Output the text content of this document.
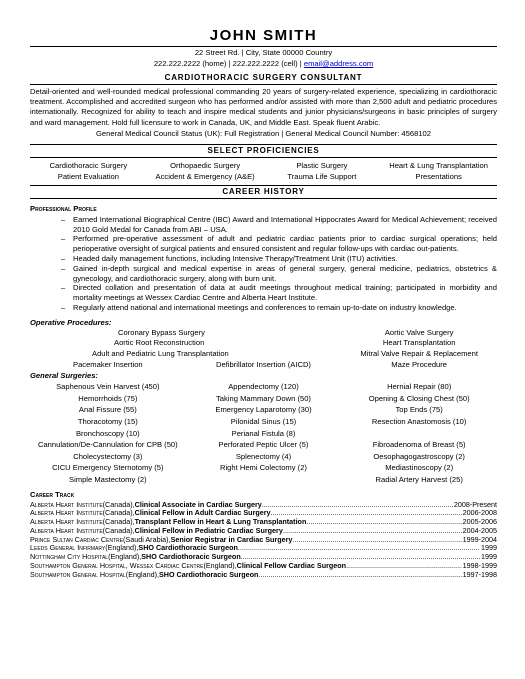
JOHN SMITH
22 Street Rd. | City, State 00000 Country
222.222.2222 (home) | 222.222.2222 (cell) | email@address.com
CARDIOTHORACIC SURGERY CONSULTANT
Detail-oriented and well-rounded medical professional commanding 20 years of surgery-related experience, specializing in cardiothoracic treatment. Accomplished and accredited surgeon who has performed and/or assisted with more than 2,500 adult and pediatric procedures internationally. Recognized for ability to teach and inspire medical students and junior physicians/surgeons in basic principles of surgery and ward management. Hold full licensure to work in Canada, UK, and Middle East. Speak fluent Arabic.
General Medical Council Status (UK): Full Registration | General Medical Council Number: 4568102
SELECT PROFICIENCIES
Cardiothoracic Surgery	Orthopaedic Surgery	Plastic Surgery	Heart & Lung Transplantation
Patient Evaluation	Accident & Emergency (A&E)	Trauma Life Support	Presentations
CAREER HISTORY
Professional Profile
– Earned International Biographical Centre (IBC) Award and International Hippocrates Award for Medical Achievement; received 2010 Gold Medal for Canada from ABI – USA.
– Performed pre-operative assessment of adult and pediatric cardiac patients prior to cardiac surgical operations; held perioperative oversight of surgical patients and ensured consistent and regular follow-ups with cardiac out-patients.
– Headed daily management functions, including Intensive Therapy/Treatment Unit (ITU) activities.
– Gained in-depth surgical and medical expertise in areas of general surgery, general medicine, pediatrics, obstetrics & gynecology, and cardiothoracic surgery, along with burn unit.
– Directed collation and presentation of data at audit meetings throughout medical training; participated in morbidity and mortality meetings at Wessex Cardiac Centre and Alberta Heart Institute.
– Regularly attend national and international meetings and conferences to remain up-to-date on industry knowledge.
Operative Procedures:
Coronary Bypass Surgery	Aortic Valve Surgery
Aortic Root Reconstruction	Heart Transplantation
Adult and Pediatric Lung Transplantation	Mitral Valve Repair & Replacement
Pacemaker Insertion	Defibrillator Insertion (AICD)	Maze Procedure
General Surgeries:
Saphenous Vein Harvest (450)	Appendectomy (120)	Hernial Repair (80)
Hemorrhoids (75)	Taking Mammary Down (50)	Opening & Closing Chest (50)
Anal Fissure (55)	Emergency Laparotomy (30)	Top Ends (75)
Thoracotomy (15)	Pilonidal Sinus (15)	Resection Anastomosis (10)
Bronchoscopy (10)	Perianal Fistula (8)
Cannulation/De-Cannulation for CPB (50)	Perforated Peptic Ulcer (5)	Fibroadenoma of Breast (5)
Cholecystectomy (3)	Splenectomy (4)	Oesophagogastroscopy (2)
CICU Emergency Sternotomy (5)	Right Hemi Colectomy (2)	Mediastinoscopy (2)
Simple Mastectomy (2)	Radial Artery Harvest (25)
Career Track
Alberta Heart Institute (Canada), Clinical Associate in Cardiac Surgery .....	2008-Present
Alberta Heart Institute (Canada), Clinical Fellow in Adult Cardiac Surgery .....	2006-2008
Alberta Heart Institute (Canada), Transplant Fellow in Heart & Lung Transplantation .....	2005-2006
Alberta Heart Institute (Canada), Clinical Fellow in Pediatric Cardiac Surgery .....	2004-2005
Prince Sultan Cardiac Centre (Saudi Arabia), Senior Registrar in Cardiac Surgery .....	1999-2004
Leeds General Infirmary (England), SHO Cardiothoracic Surgeon .....	1999
Nottingham City Hospital (England), SHO Cardiothoracic Surgeon .....	1999
Southampton General Hospital, Wessex Cardiac Centre (England), Clinical Fellow Cardiac Surgeon .....	1998-1999
Southampton General Hospital (England), SHO Cardiothoracic Surgeon .....	1997-1998
